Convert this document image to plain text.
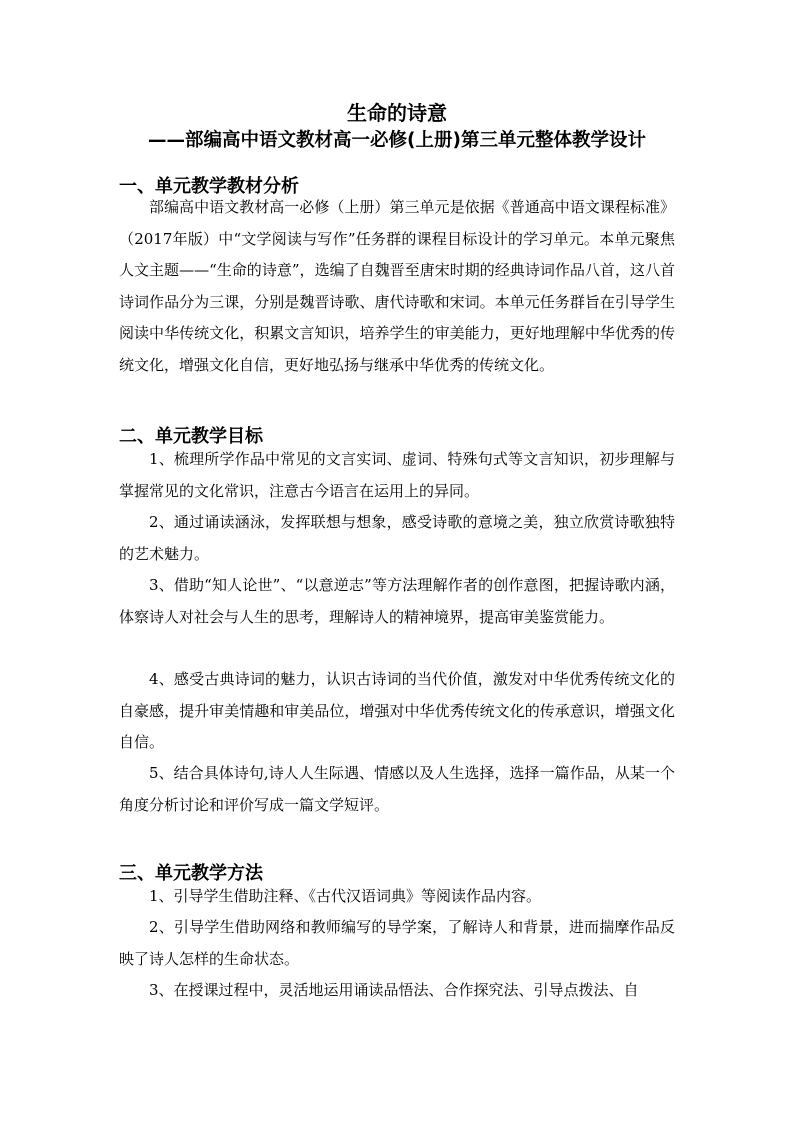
生命的诗意
——部编高中语文教材高一必修(上册)第三单元整体教学设计
一、单元教学教材分析
部编高中语文教材高一必修（上册）第三单元是依据《普通高中语文课程标准》（2017年版）中“文学阅读与写作”任务群的课程目标设计的学习单元。本单元聚焦人文主题——“生命的诗意”，选编了自魏晋至唐宋时期的经典诗词作品八首，这八首诗词作品分为三课，分别是魏晋诗歌、唐代诗歌和宋词。本单元任务群旨在引导学生阅读中华传统文化，积累文言知识，培养学生的审美能力，更好地理解中华优秀的传统文化，增强文化自信，更好地弘扬与继承中华优秀的传统文化。
二、单元教学目标
1、梳理所学作品中常见的文言实词、虚词、特殊句式等文言知识，初步理解与掌握常见的文化常识，注意古今语言在运用上的异同。
2、通过诵读涵泳，发挥联想与想象，感受诗歌的意境之美，独立欣赏诗歌独特的艺术魅力。
3、借助“知人论世”、“以意逆志”等方法理解作者的创作意图，把握诗歌内涵，体察诗人对社会与人生的思考，理解诗人的精神境界，提高审美鉴赏能力。
4、感受古典诗词的魅力，认识古诗词的当代价值，激发对中华优秀传统文化的自豪感，提升审美情趣和审美品位，增强对中华优秀传统文化的传承意识，增强文化自信。
5、结合具体诗句,诗人人生际遇、情感以及人生选择，选择一篇作品，从某一个角度分析讨论和评价写成一篇文学短评。
三、单元教学方法
1、引导学生借助注释、《古代汉语词典》等阅读作品内容。
2、引导学生借助网络和教师编写的导学案，了解诗人和背景，进而揣摩作品反映了诗人怎样的生命状态。
3、在授课过程中，灵活地运用诵读品悟法、合作探究法、引导点拨法、自
